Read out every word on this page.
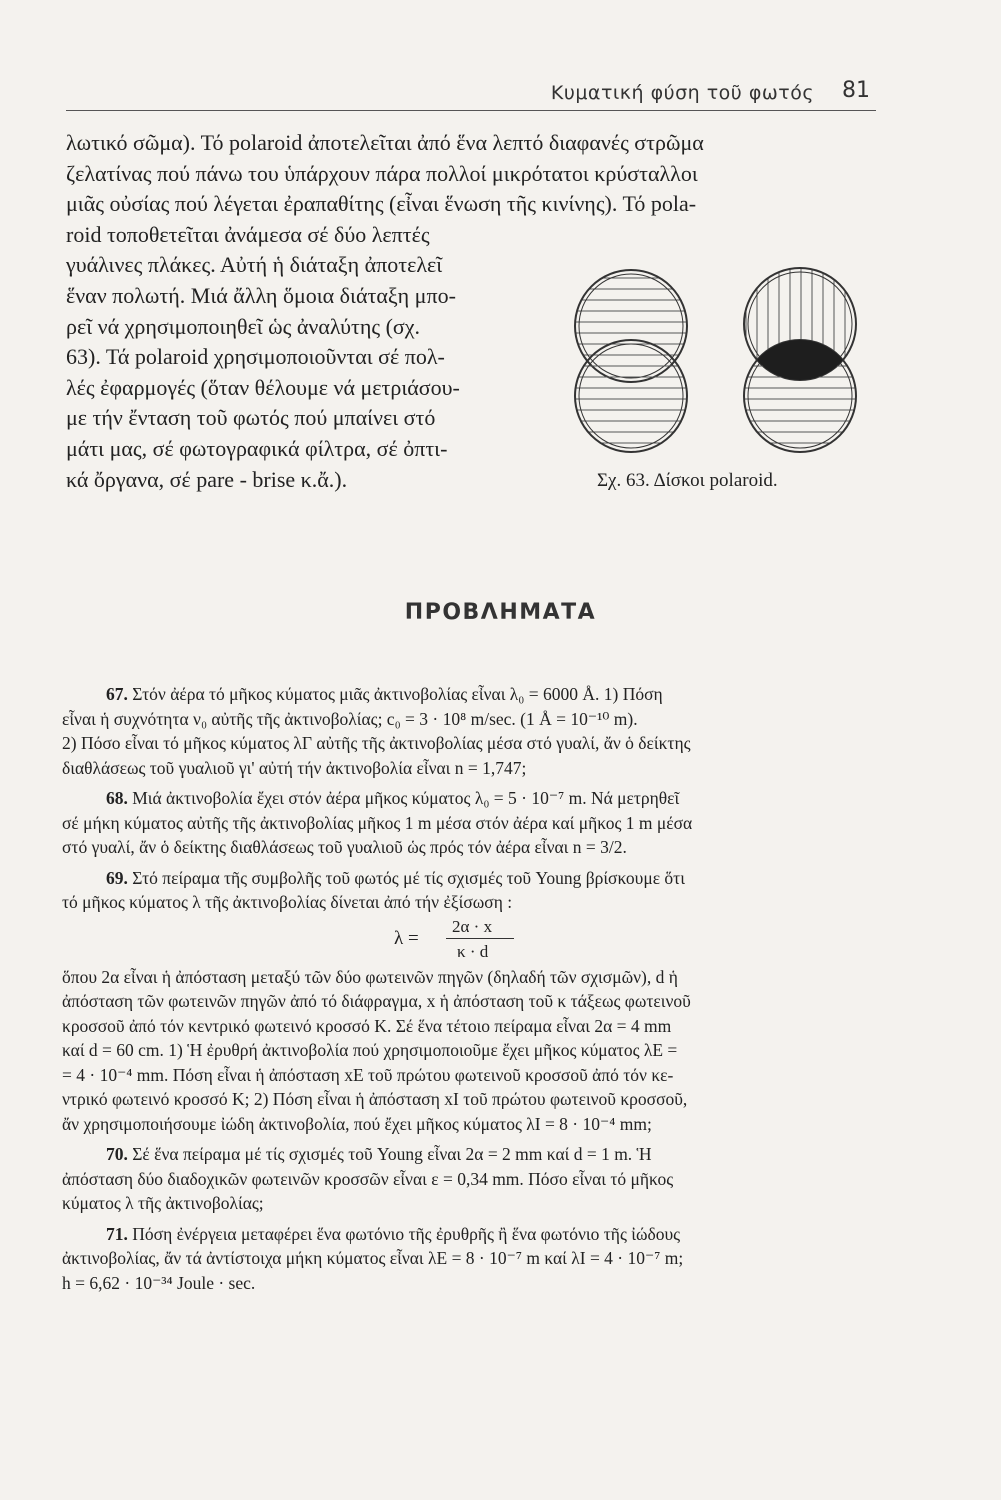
Κυματική φύση τοῦ φωτός 81
λωτικό σῶμα). Τό polaroid ἀποτελεῖται ἀπό ἕνα λεπτό διαφανές στρῶμα
ζελατίνας πού πάνω του ὑπάρχουν πάρα πολλοί μικρότατοι κρύσταλλοι
μιᾶς οὐσίας πού λέγεται ἐραπαθίτης (εἶναι ἕνωση τῆς κινίνης). Τό pola-
roid τοποθετεῖται ἀνάμεσα σέ δύο λεπτές
γυάλινες πλάκες. Αὐτή ἡ διάταξη ἀποτελεῖ
ἕναν πολωτή. Μιά ἄλλη ὅμοια διάταξη μπο-
ρεῖ νά χρησιμοποιηθεῖ ὡς ἀναλύτης (σχ.
63). Τά polaroid χρησιμοποιοῦνται σέ πολ-
λές ἐφαρμογές (ὅταν θέλουμε νά μετριάσου-
με τήν ἔνταση τοῦ φωτός πού μπαίνει στό
μάτι μας, σέ φωτογραφικά φίλτρα, σέ ὀπτι-
κά ὄργανα, σέ pare - brise κ.ἄ.).	Σχ. 63. Δίσκοι polaroid.
ΠΡΟΒΛΗΜΑΤΑ
67. Στόν ἀέρα τό μῆκος κύματος μιᾶς ἀκτινοβολίας εἶναι λ₀ = 6000 Å. 1) Πόση
εἶναι ἡ συχνότητα ν₀ αὐτῆς τῆς ἀκτινοβολίας; c₀ = 3 · 10⁸ m/sec. (1 Å = 10⁻¹⁰ m).
2) Πόσο εἶναι τό μῆκος κύματος λΓ αὐτῆς τῆς ἀκτινοβολίας μέσα στό γυαλί, ἄν ὁ δείκτης
διαθλάσεως τοῦ γυαλιοῦ γι' αὐτή τήν ἀκτινοβολία εἶναι n = 1,747;
68. Μιά ἀκτινοβολία ἔχει στόν ἀέρα μῆκος κύματος λ₀ = 5 · 10⁻⁷ m. Νά μετρηθεῖ
σέ μήκη κύματος αὐτῆς τῆς ἀκτινοβολίας μῆκος 1 m μέσα στόν ἀέρα καί μῆκος 1 m μέσα
στό γυαλί, ἄν ὁ δείκτης διαθλάσεως τοῦ γυαλιοῦ ὡς πρός τόν ἀέρα εἶναι n = 3/2.
69. Στό πείραμα τῆς συμβολῆς τοῦ φωτός μέ τίς σχισμές τοῦ Young βρίσκουμε ὅτι
τό μῆκος κύματος λ τῆς ἀκτινοβολίας δίνεται ἀπό τήν ἐξίσωση :
λ =
2α · x
κ · d
ὅπου 2α εἶναι ἡ ἀπόσταση μεταξύ τῶν δύο φωτεινῶν πηγῶν (δηλαδή τῶν σχισμῶν), d ἡ
ἀπόσταση τῶν φωτεινῶν πηγῶν ἀπό τό διάφραγμα, x ἡ ἀπόσταση τοῦ κ τάξεως φωτεινοῦ
κροσσοῦ ἀπό τόν κεντρικό φωτεινό κροσσό Κ. Σέ ἕνα τέτοιο πείραμα εἶναι 2α = 4 mm
καί d = 60 cm. 1) Ἡ ἐρυθρή ἀκτινοβολία πού χρησιμοποιοῦμε ἔχει μῆκος κύματος λE =
= 4 · 10⁻⁴ mm. Πόση εἶναι ἡ ἀπόσταση xE τοῦ πρώτου φωτεινοῦ κροσσοῦ ἀπό τόν κε-
ντρικό φωτεινό κροσσό Κ; 2) Πόση εἶναι ἡ ἀπόσταση xI τοῦ πρώτου φωτεινοῦ κροσσοῦ,
ἄν χρησιμοποιήσουμε ἰώδη ἀκτινοβολία, πού ἔχει μῆκος κύματος λI = 8 · 10⁻⁴ mm;
70. Σέ ἕνα πείραμα μέ τίς σχισμές τοῦ Young εἶναι 2α = 2 mm καί d = 1 m. Ἡ
ἀπόσταση δύο διαδοχικῶν φωτεινῶν κροσσῶν εἶναι ε = 0,34 mm. Πόσο εἶναι τό μῆκος
κύματος λ τῆς ἀκτινοβολίας;
71. Πόση ἐνέργεια μεταφέρει ἕνα φωτόνιο τῆς ἐρυθρῆς ἢ ἕνα φωτόνιο τῆς ἰώδους
ἀκτινοβολίας, ἄν τά ἀντίστοιχα μήκη κύματος εἶναι λE = 8 · 10⁻⁷ m καί λI = 4 · 10⁻⁷ m;
h = 6,62 · 10⁻³⁴ Joule · sec.
